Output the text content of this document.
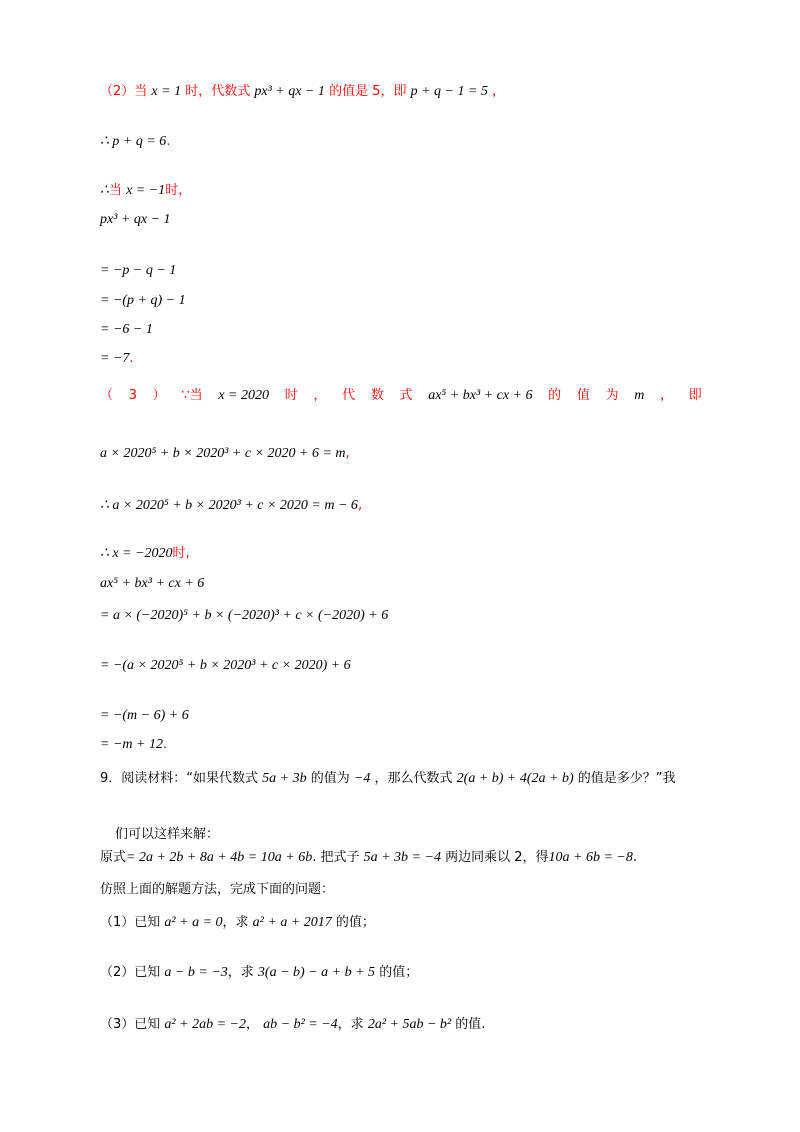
（2）当 x = 1 时，代数式 px³ + qx − 1 的值是 5，即 p + q − 1 = 5 ，
∴ p + q = 6.
∴当 x = −1时，
px³ + qx − 1
= −p − q − 1
= −(p + q) − 1
= −6 − 1
= −7.
（ 3 ） ∵当 x = 2020 时 ， 代 数 式 ax⁵ + bx³ + cx + 6 的 值 为 m ， 即
a × 2020⁵ + b × 2020³ + c × 2020 + 6 = m,
∴ a × 2020⁵ + b × 2020³ + c × 2020 = m − 6,
∴ x = −2020时,
ax⁵ + bx³ + cx + 6
= a × (−2020)⁵ + b × (−2020)³ + c × (−2020) + 6
= −(a × 2020⁵ + b × 2020³ + c × 2020) + 6
= −(m − 6) + 6
= −m + 12.
9．阅读材料：“如果代数式 5a + 3b 的值为 −4 ，那么代数式 2(a + b) + 4(2a + b) 的值是多少？”我
们可以这样来解：
原式= 2a + 2b + 8a + 4b = 10a + 6b. 把式子 5a + 3b = −4 两边同乘以 2，得10a + 6b = −8.
仿照上面的解题方法，完成下面的问题：
（1）已知 a² + a = 0，求 a² + a + 2017 的值；
（2）已知 a − b = −3，求 3(a − b) − a + b + 5 的值；
（3）已知 a² + 2ab = −2， ab − b² = −4，求 2a² + 5ab − b² 的值.
